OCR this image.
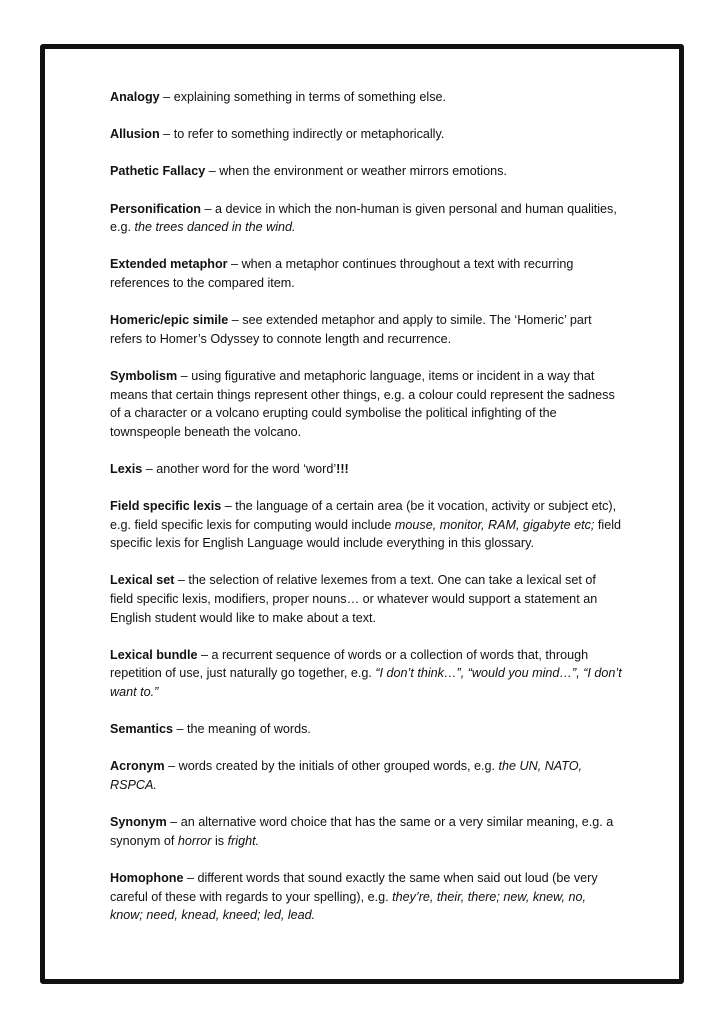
Analogy – explaining something in terms of something else.

Allusion – to refer to something indirectly or metaphorically.

Pathetic Fallacy – when the environment or weather mirrors emotions.

Personification – a device in which the non-human is given personal and human qualities, e.g. the trees danced in the wind.

Extended metaphor – when a metaphor continues throughout a text with recurring references to the compared item.

Homeric/epic simile – see extended metaphor and apply to simile. The ‘Homeric’ part refers to Homer’s Odyssey to connote length and recurrence.

Symbolism – using figurative and metaphoric language, items or incident in a way that means that certain things represent other things, e.g. a colour could represent the sadness of a character or a volcano erupting could symbolise the political infighting of the townspeople beneath the volcano.

Lexis – another word for the word ‘word’!!!

Field specific lexis – the language of a certain area (be it vocation, activity or subject etc), e.g. field specific lexis for computing would include mouse, monitor, RAM, gigabyte etc; field specific lexis for English Language would include everything in this glossary.

Lexical set – the selection of relative lexemes from a text. One can take a lexical set of field specific lexis, modifiers, proper nouns… or whatever would support a statement an English student would like to make about a text.

Lexical bundle – a recurrent sequence of words or a collection of words that, through repetition of use, just naturally go together, e.g. “I don’t think…”, “would you mind…”, “I don’t want to.”

Semantics – the meaning of words.

Acronym – words created by the initials of other grouped words, e.g. the UN, NATO, RSPCA.

Synonym – an alternative word choice that has the same or a very similar meaning, e.g. a synonym of horror is fright.

Homophone – different words that sound exactly the same when said out loud (be very careful of these with regards to your spelling), e.g. they’re, their, there; new, knew, no, know; need, knead, kneed; led, lead.
